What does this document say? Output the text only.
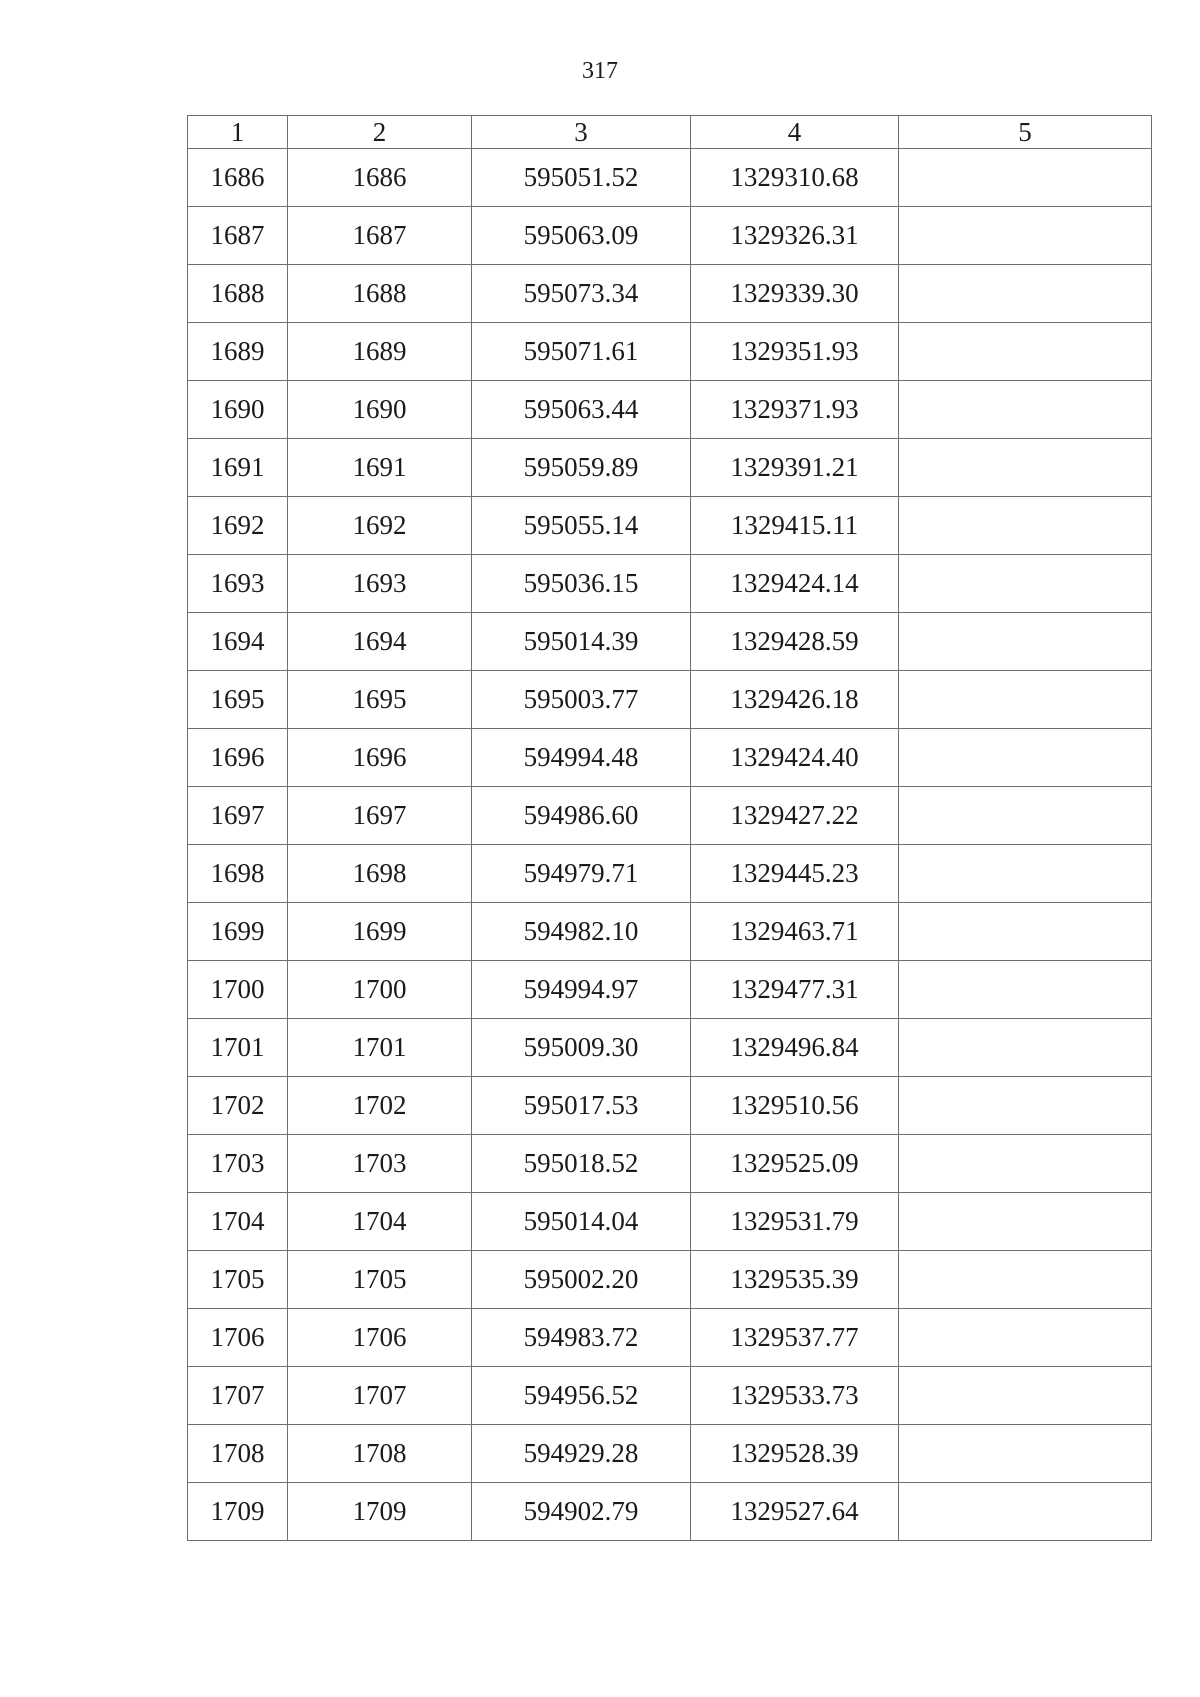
317
1	2	3	4	5
1686	1686	595051.52	1329310.68	
1687	1687	595063.09	1329326.31	
1688	1688	595073.34	1329339.30	
1689	1689	595071.61	1329351.93	
1690	1690	595063.44	1329371.93	
1691	1691	595059.89	1329391.21	
1692	1692	595055.14	1329415.11	
1693	1693	595036.15	1329424.14	
1694	1694	595014.39	1329428.59	
1695	1695	595003.77	1329426.18	
1696	1696	594994.48	1329424.40	
1697	1697	594986.60	1329427.22	
1698	1698	594979.71	1329445.23	
1699	1699	594982.10	1329463.71	
1700	1700	594994.97	1329477.31	
1701	1701	595009.30	1329496.84	
1702	1702	595017.53	1329510.56	
1703	1703	595018.52	1329525.09	
1704	1704	595014.04	1329531.79	
1705	1705	595002.20	1329535.39	
1706	1706	594983.72	1329537.77	
1707	1707	594956.52	1329533.73	
1708	1708	594929.28	1329528.39	
1709	1709	594902.79	1329527.64	
